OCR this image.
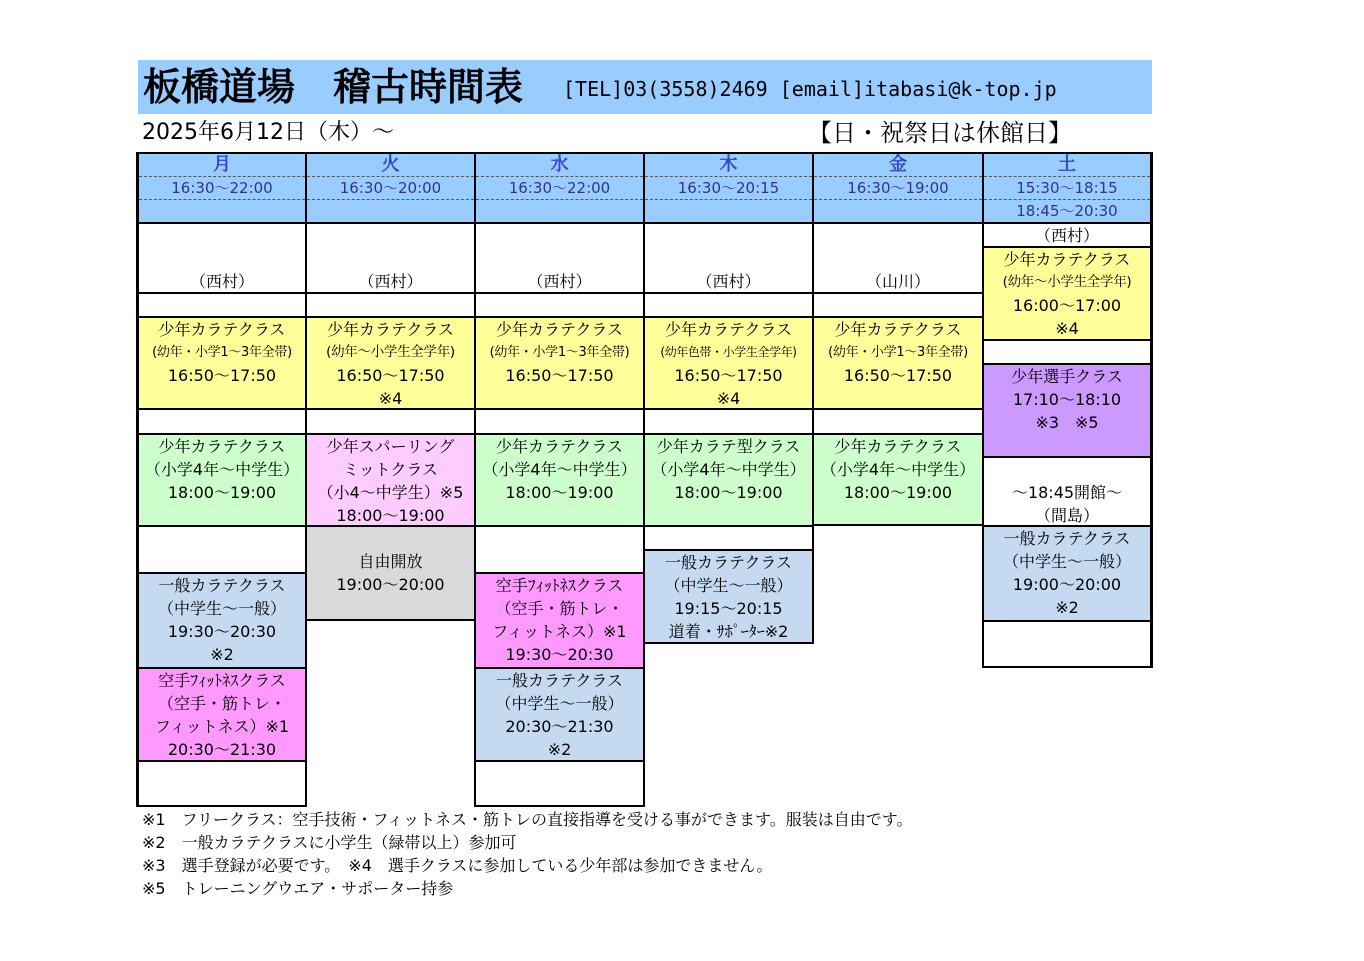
板橋道場　稽古時間表 [TEL]03(3558)2469 [email]itabasi@k-top.jp
2025年6月12日（木）～	【日・祝祭日は休館日】
月
16:30～22:00
（西村）
少年カラテクラス
(幼年・小学1～3年全帯)
16:50～17:50
少年カラテクラス
（小学4年～中学生）
18:00～19:00
一般カラテクラス
（中学生～一般）
19:30～20:30
※2
空手ﾌｨｯﾄﾈｽクラス
（空手・筋トレ・
フィットネス）※1
20:30～21:30
火
16:30～20:00
（西村）
少年カラテクラス
(幼年～小学生全学年)
16:50～17:50
※4
少年スパーリング
ミットクラス
（小4～中学生）※5
18:00～19:00
自由開放
19:00～20:00
水
16:30～22:00
（西村）
少年カラテクラス
(幼年・小学1～3年全帯)
16:50～17:50
少年カラテクラス
（小学4年～中学生）
18:00～19:00
空手ﾌｨｯﾄﾈｽクラス
（空手・筋トレ・
フィットネス）※1
19:30～20:30
一般カラテクラス
（中学生～一般）
20:30～21:30
※2
木
16:30～20:15
（西村）
少年カラテクラス
(幼年色帯・小学生全学年)
16:50～17:50
※4
少年カラテ型クラス
（小学4年～中学生）
18:00～19:00
一般カラテクラス
（中学生～一般）
19:15～20:15
道着・ｻﾎﾟｰﾀｰ※2
金
16:30～19:00
（山川）
少年カラテクラス
(幼年・小学1～3年全帯)
16:50～17:50
少年カラテクラス
（小学4年～中学生）
18:00～19:00
土
15:30～18:15
18:45～20:30
（西村）
少年カラテクラス
(幼年～小学生全学年)
16:00～17:00
※4
少年選手クラス
17:10～18:10
※3　※5
～18:45開館～
（間島）
一般カラテクラス
（中学生～一般）
19:00～20:00
※2
※1　フリークラス：空手技術・フィットネス・筋トレの直接指導を受ける事ができます。服装は自由です。
※2　一般カラテクラスに小学生（緑帯以上）参加可
※3　選手登録が必要です。　※4　選手クラスに参加している少年部は参加できません。
※5　トレーニングウエア・サポーター持参
